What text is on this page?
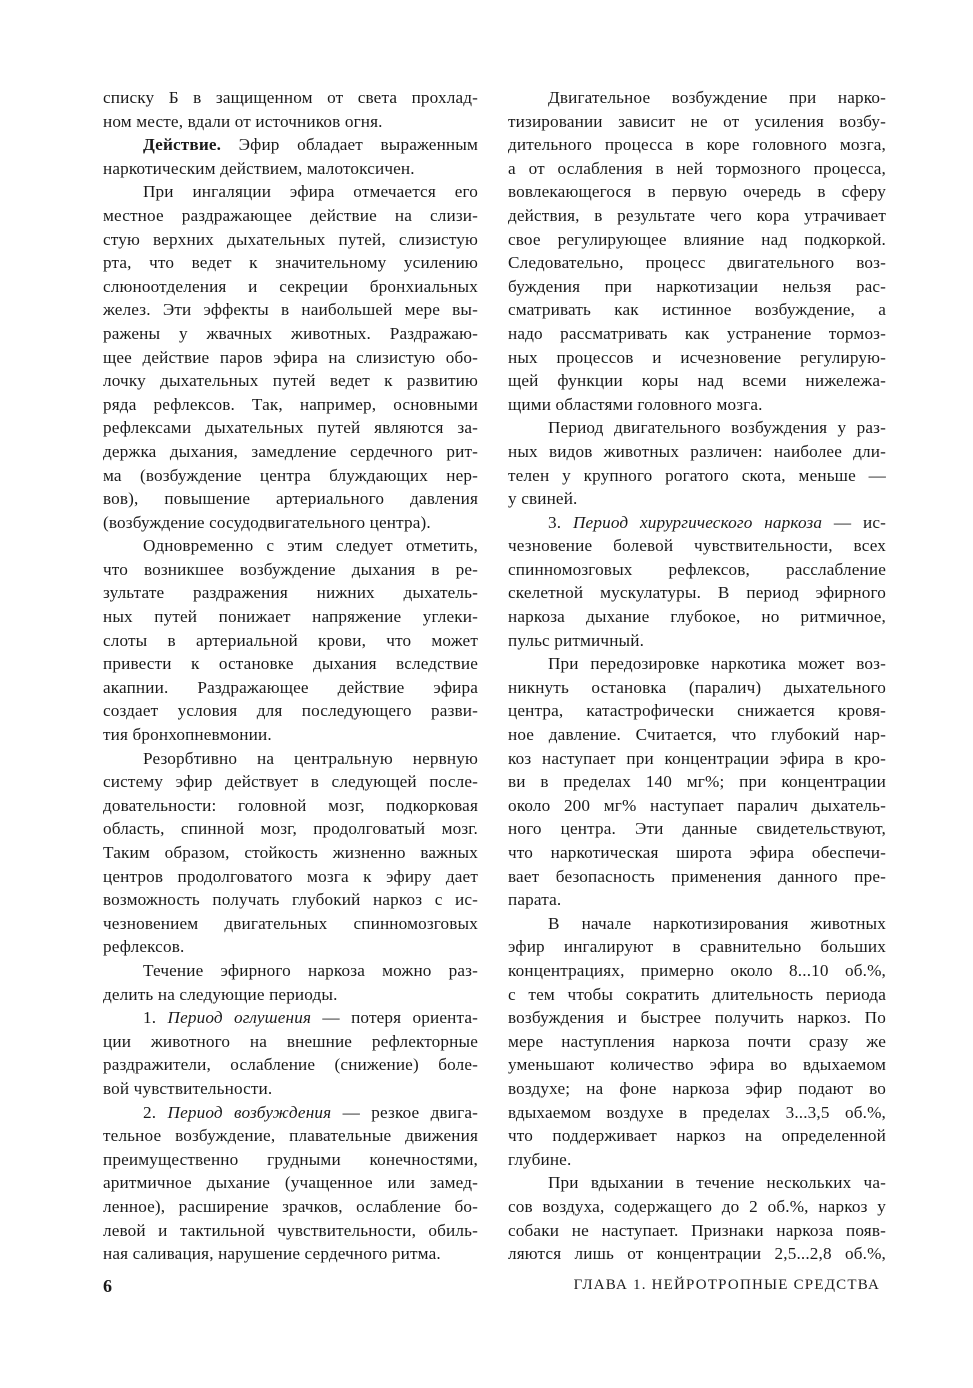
списку Б в защищенном от света прохлад-
ном месте, вдали от источников огня.
Действие. Эфир обладает выраженным
наркотическим действием, малотоксичен.
При ингаляции эфира отмечается его
местное раздражающее действие на слизи-
стую верхних дыхательных путей, слизистую
рта, что ведет к значительному усилению
слюноотделения и секреции бронхиальных
желез. Эти эффекты в наибольшей мере вы-
ражены у жвачных животных. Раздражаю-
щее действие паров эфира на слизистую обо-
лочку дыхательных путей ведет к развитию
ряда рефлексов. Так, например, основными
рефлексами дыхательных путей являются за-
держка дыхания, замедление сердечного рит-
ма (возбуждение центра блуждающих нер-
вов), повышение артериального давления
(возбуждение сосудодвигательного центра).
Одновременно с этим следует отметить,
что возникшее возбуждение дыхания в ре-
зультате раздражения нижних дыхатель-
ных путей понижает напряжение углеки-
слоты в артериальной крови, что может
привести к остановке дыхания вследствие
акапнии. Раздражающее действие эфира
создает условия для последующего разви-
тия бронхопневмонии.
Резорбтивно на центральную нервную
систему эфир действует в следующей после-
довательности: головной мозг, подкорковая
область, спинной мозг, продолговатый мозг.
Таким образом, стойкость жизненно важных
центров продолговатого мозга к эфиру дает
возможность получать глубокий наркоз с ис-
чезновением двигательных спинномозговых
рефлексов.
Течение эфирного наркоза можно раз-
делить на следующие периоды.
1. Период оглушения — потеря ориента-
ции животного на внешние рефлекторные
раздражители, ослабление (снижение) боле-
вой чувствительности.
2. Период возбуждения — резкое двига-
тельное возбуждение, плавательные движения
преимущественно грудными конечностями,
аритмичное дыхание (учащенное или замед-
ленное), расширение зрачков, ослабление бо-
левой и тактильной чувствительности, обиль-
ная саливация, нарушение сердечного ритма.
Двигательное возбуждение при нарко-
тизировании зависит не от усиления возбу-
дительного процесса в коре головного мозга,
а от ослабления в ней тормозного процесса,
вовлекающегося в первую очередь в сферу
действия, в результате чего кора утрачивает
свое регулирующее влияние над подкоркой.
Следовательно, процесс двигательного воз-
буждения при наркотизации нельзя рас-
сматривать как истинное возбуждение, а
надо рассматривать как устранение тормоз-
ных процессов и исчезновение регулирую-
щей функции коры над всеми нижележа-
щими областями головного мозга.
Период двигательного возбуждения у раз-
ных видов животных различен: наиболее дли-
телен у крупного рогатого скота, меньше —
у свиней.
3. Период хирургического наркоза — ис-
чезновение болевой чувствительности, всех
спинномозговых рефлексов, расслабление
скелетной мускулатуры. В период эфирного
наркоза дыхание глубокое, но ритмичное,
пульс ритмичный.
При передозировке наркотика может воз-
никнуть остановка (паралич) дыхательного
центра, катастрофически снижается кровя-
ное давление. Считается, что глубокий нар-
коз наступает при концентрации эфира в кро-
ви в пределах 140 мг%; при концентрации
около 200 мг% наступает паралич дыхатель-
ного центра. Эти данные свидетельствуют,
что наркотическая широта эфира обеспечи-
вает безопасность применения данного пре-
парата.
В начале наркотизирования животных
эфир ингалируют в сравнительно больших
концентрациях, примерно около 8...10 об.%,
с тем чтобы сократить длительность периода
возбуждения и быстрее получить наркоз. По
мере наступления наркоза почти сразу же
уменьшают количество эфира во вдыхаемом
воздухе; на фоне наркоза эфир подают во
вдыхаемом воздухе в пределах 3...3,5 об.%,
что поддерживает наркоз на определенной
глубине.
При вдыхании в течение нескольких ча-
сов воздуха, содержащего до 2 об.%, наркоз у
собаки не наступает. Признаки наркоза появ-
ляются лишь от концентрации 2,5...2,8 об.%,
6	ГЛАВА 1. НЕЙРОТРОПНЫЕ СРЕДСТВА
